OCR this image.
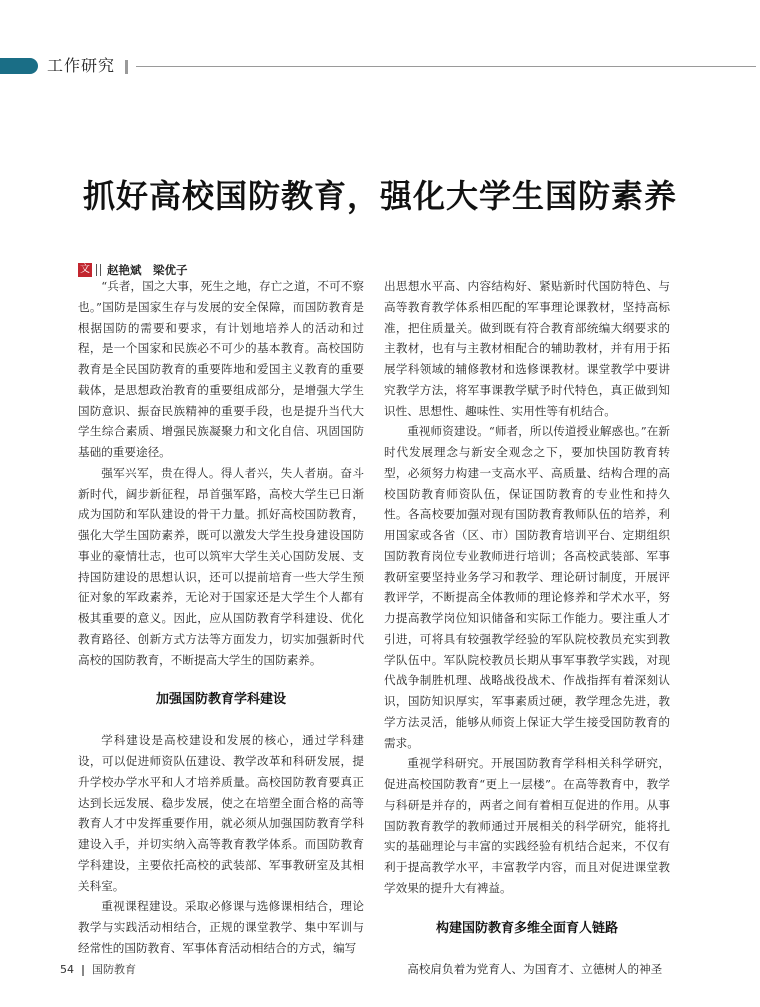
工作研究
抓好高校国防教育，强化大学生国防素养
文 赵艳斌　梁优子

“兵者，国之大事，死生之地，存亡之道，不可不察也。”国防是国家生存与发展的安全保障，而国防教育是根据国防的需要和要求，有计划地培养人的活动和过程，是一个国家和民族必不可少的基本教育。高校国防教育是全民国防教育的重要阵地和爱国主义教育的重要载体，是思想政治教育的重要组成部分，是增强大学生国防意识、振奋民族精神的重要手段，也是提升当代大学生综合素质、增强民族凝聚力和文化自信、巩固国防基础的重要途径。

强军兴军，贵在得人。得人者兴，失人者崩。奋斗新时代，阔步新征程，昂首强军路，高校大学生已日渐成为国防和军队建设的骨干力量。抓好高校国防教育，强化大学生国防素养，既可以激发大学生投身建设国防事业的豪情壮志，也可以筑牢大学生关心国防发展、支持国防建设的思想认识，还可以提前培育一些大学生预征对象的军政素养，无论对于国家还是大学生个人都有极其重要的意义。因此，应从国防教育学科建设、优化教育路径、创新方式方法等方面发力，切实加强新时代高校的国防教育，不断提高大学生的国防素养。

加强国防教育学科建设

学科建设是高校建设和发展的核心，通过学科建设，可以促进师资队伍建设、教学改革和科研发展，提升学校办学水平和人才培养质量。高校国防教育要真正达到长远发展、稳步发展，使之在培塑全面合格的高等教育人才中发挥重要作用，就必须从加强国防教育学科建设入手，并切实纳入高等教育教学体系。而国防教育学科建设，主要依托高校的武装部、军事教研室及其相关科室。

重视课程建设。采取必修课与选修课相结合，理论教学与实践活动相结合，正规的课堂教学、集中军训与经常性的国防教育、军事体育活动相结合的方式，编写

出思想水平高、内容结构好、紧贴新时代国防特色、与高等教育教学体系相匹配的军事理论课教材，坚持高标准，把住质量关。做到既有符合教育部统编大纲要求的主教材，也有与主教材相配合的辅助教材，并有用于拓展学科领域的辅修教材和选修课教材。课堂教学中要讲究教学方法，将军事课教学赋予时代特色，真正做到知识性、思想性、趣味性、实用性等有机结合。

重视师资建设。“师者，所以传道授业解惑也。”在新时代发展理念与新安全观念之下，要加快国防教育转型，必须努力构建一支高水平、高质量、结构合理的高校国防教育师资队伍，保证国防教育的专业性和持久性。各高校要加强对现有国防教育教师队伍的培养，利用国家或各省（区、市）国防教育培训平台、定期组织国防教育岗位专业教师进行培训；各高校武装部、军事教研室要坚持业务学习和教学、理论研讨制度，开展评教评学，不断提高全体教师的理论修养和学术水平，努力提高教学岗位知识储备和实际工作能力。要注重人才引进，可将具有较强教学经验的军队院校教员充实到教学队伍中。军队院校教员长期从事军事教学实践，对现代战争制胜机理、战略战役战术、作战指挥有着深刻认识，国防知识厚实，军事素质过硬，教学理念先进，教学方法灵活，能够从师资上保证大学生接受国防教育的需求。

重视学科研究。开展国防教育学科相关科学研究，促进高校国防教育“更上一层楼”。在高等教育中，教学与科研是并存的，两者之间有着相互促进的作用。从事国防教育教学的教师通过开展相关的科学研究，能将扎实的基础理论与丰富的实践经验有机结合起来，不仅有利于提高教学水平，丰富教学内容，而且对促进课堂教学效果的提升大有裨益。

构建国防教育多维全面育人链路

高校肩负着为党育人、为国育才、立德树人的神圣

54 国防教育
